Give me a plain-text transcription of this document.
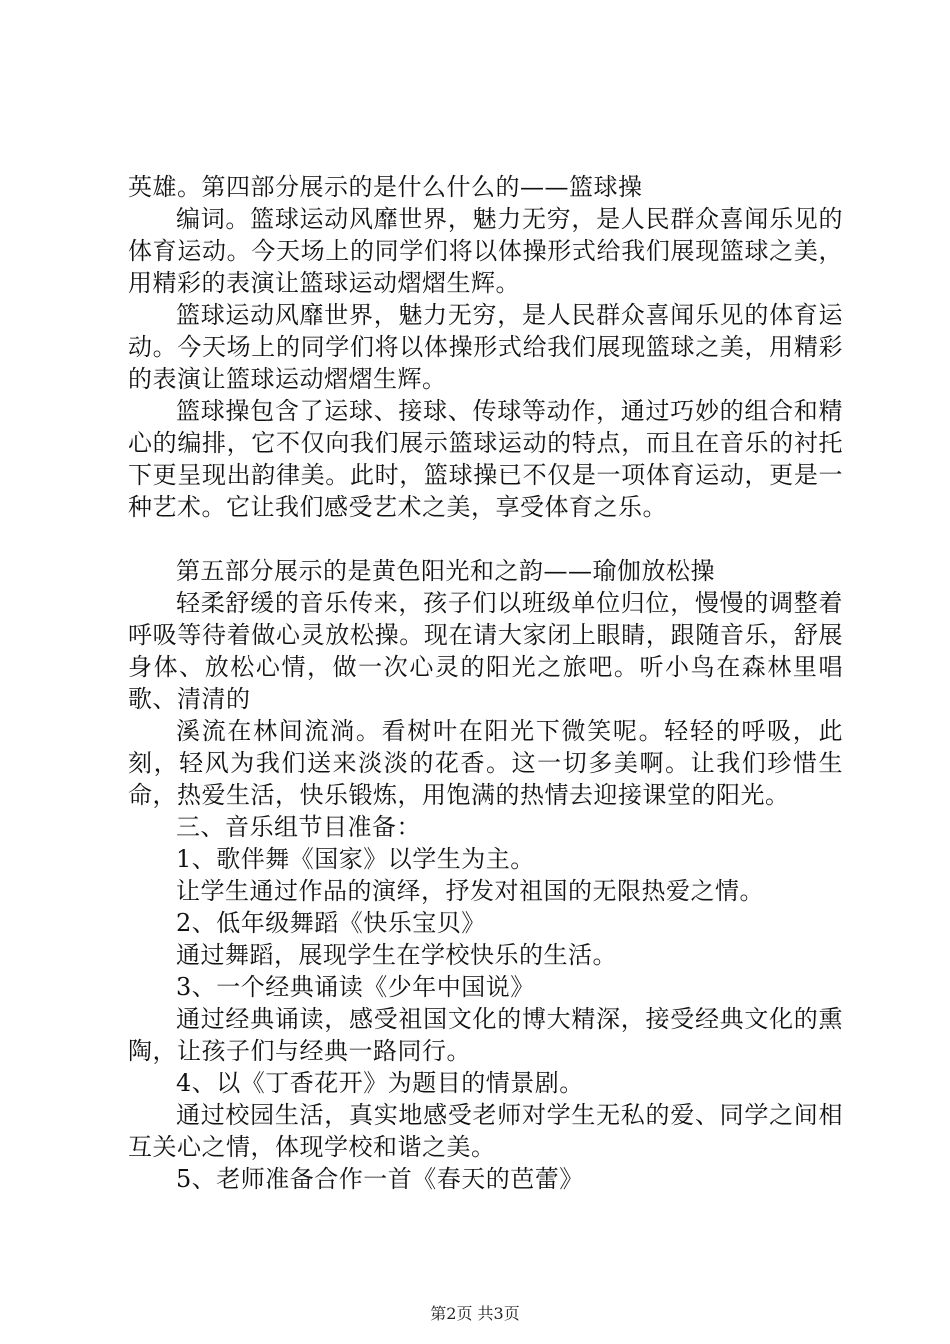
英雄。第四部分展示的是什么什么的——篮球操

编词。篮球运动风靡世界，魅力无穷，是人民群众喜闻乐见的体育运动。今天场上的同学们将以体操形式给我们展现篮球之美，用精彩的表演让篮球运动熠熠生辉。

篮球运动风靡世界，魅力无穷，是人民群众喜闻乐见的体育运动。今天场上的同学们将以体操形式给我们展现篮球之美，用精彩的表演让篮球运动熠熠生辉。

篮球操包含了运球、接球、传球等动作，通过巧妙的组合和精心的编排，它不仅向我们展示篮球运动的特点，而且在音乐的衬托下更呈现出韵律美。此时，篮球操已不仅是一项体育运动，更是一种艺术。它让我们感受艺术之美，享受体育之乐。

第五部分展示的是黄色阳光和之韵——瑜伽放松操

轻柔舒缓的音乐传来，孩子们以班级单位归位，慢慢的调整着呼吸等待着做心灵放松操。现在请大家闭上眼睛，跟随音乐，舒展身体、放松心情，做一次心灵的阳光之旅吧。听小鸟在森林里唱歌、清清的

溪流在林间流淌。看树叶在阳光下微笑呢。轻轻的呼吸，此刻，轻风为我们送来淡淡的花香。这一切多美啊。让我们珍惜生命，热爱生活，快乐锻炼，用饱满的热情去迎接课堂的阳光。

三、音乐组节目准备：

1、歌伴舞《国家》以学生为主。

让学生通过作品的演绎，抒发对祖国的无限热爱之情。

2、低年级舞蹈《快乐宝贝》

通过舞蹈，展现学生在学校快乐的生活。

3、一个经典诵读《少年中国说》

通过经典诵读，感受祖国文化的博大精深，接受经典文化的熏陶，让孩子们与经典一路同行。

4、以《丁香花开》为题目的情景剧。

通过校园生活，真实地感受老师对学生无私的爱、同学之间相互关心之情，体现学校和谐之美。

5、老师准备合作一首《春天的芭蕾》

第2页 共3页
